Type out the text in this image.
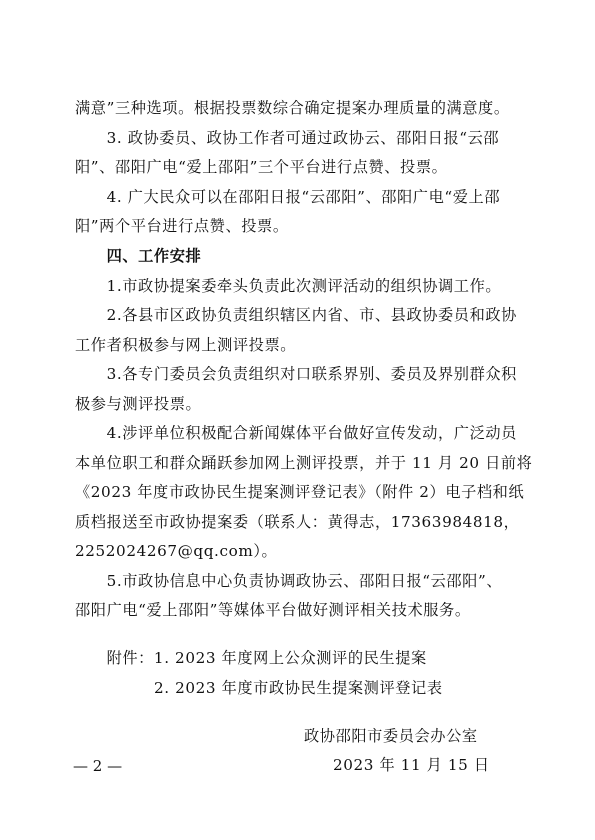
满意”三种选项。根据投票数综合确定提案办理质量的满意度。
　　3. 政协委员、政协工作者可通过政协云、邵阳日报“云邵
阳”、邵阳广电“爱上邵阳”三个平台进行点赞、投票。
　　4. 广大民众可以在邵阳日报“云邵阳”、邵阳广电“爱上邵
阳”两个平台进行点赞、投票。
　　四、工作安排
　　1.市政协提案委牵头负责此次测评活动的组织协调工作。
　　2.各县市区政协负责组织辖区内省、市、县政协委员和政协
工作者积极参与网上测评投票。
　　3.各专门委员会负责组织对口联系界别、委员及界别群众积
极参与测评投票。
　　4.涉评单位积极配合新闻媒体平台做好宣传发动，广泛动员
本单位职工和群众踊跃参加网上测评投票，并于 11 月 20 日前将
《2023 年度市政协民生提案测评登记表》（附件 2）电子档和纸
质档报送至市政协提案委（联系人：黄得志，17363984818，
2252024267@qq.com）。
　　5.市政协信息中心负责协调政协云、邵阳日报“云邵阳”、
邵阳广电“爱上邵阳”等媒体平台做好测评相关技术服务。
　　附件：1. 2023 年度网上公众测评的民生提案
2. 2023 年度市政协民生提案测评登记表
政协邵阳市委员会办公室
2023 年 11 月 15 日
— 2 —
